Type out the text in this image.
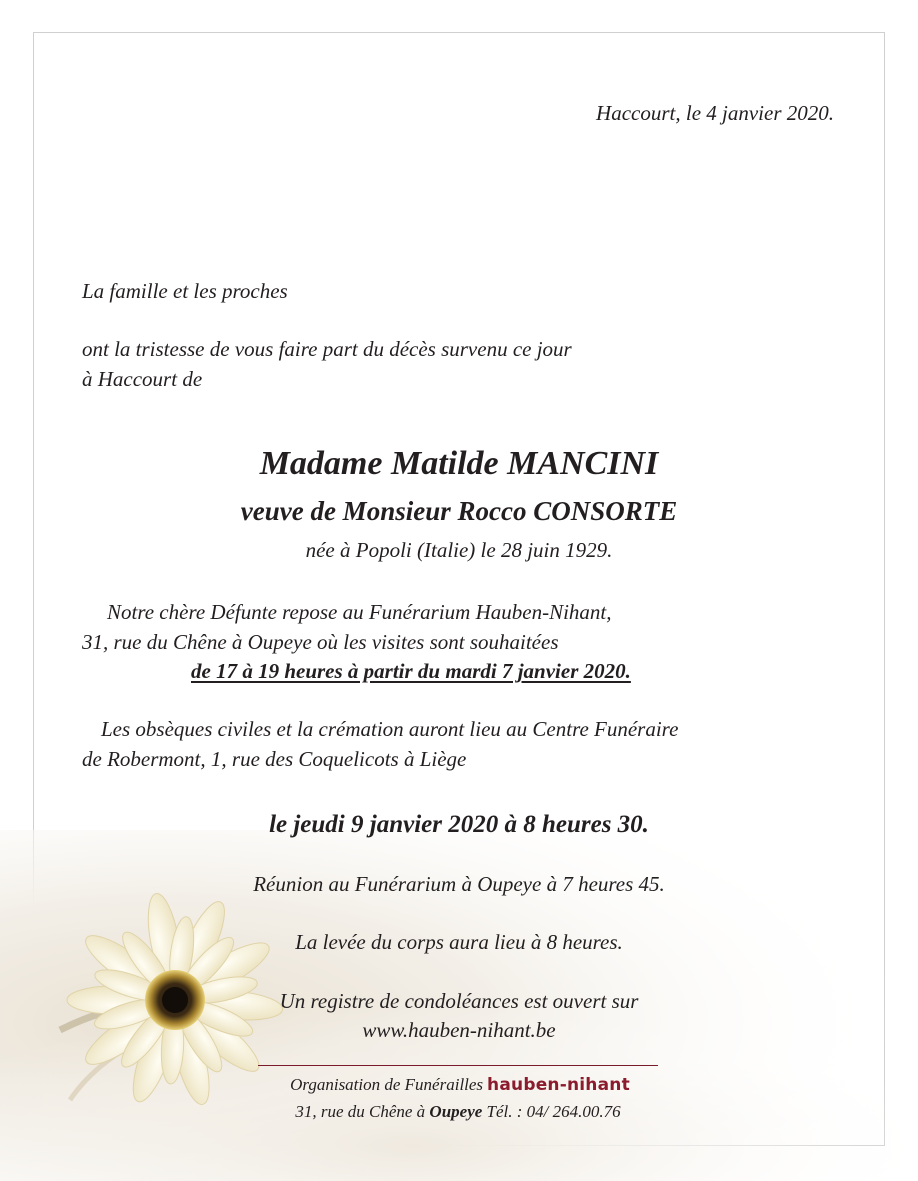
Haccourt, le 4 janvier 2020.
La famille et les proches
ont la tristesse de vous faire part du décès survenu ce jour
à Haccourt de
Madame Matilde MANCINI
veuve de Monsieur Rocco CONSORTE
née à Popoli (Italie) le 28 juin 1929.
Notre chère Défunte repose au Funérarium Hauben-Nihant,
31, rue du Chêne à Oupeye où les visites sont souhaitées
de 17 à 19 heures à partir du mardi 7 janvier 2020.
Les obsèques civiles et la crémation auront lieu au Centre Funéraire
de Robermont, 1, rue des Coquelicots à Liège
le jeudi 9 janvier 2020 à 8 heures 30.
Réunion au Funérarium à Oupeye à 7 heures 45.
La levée du corps aura lieu à 8 heures.
Un registre de condoléances est ouvert sur
www.hauben-nihant.be
Organisation de Funérailles hauben-nihant
31, rue du Chêne à Oupeye Tél. : 04/ 264.00.76
